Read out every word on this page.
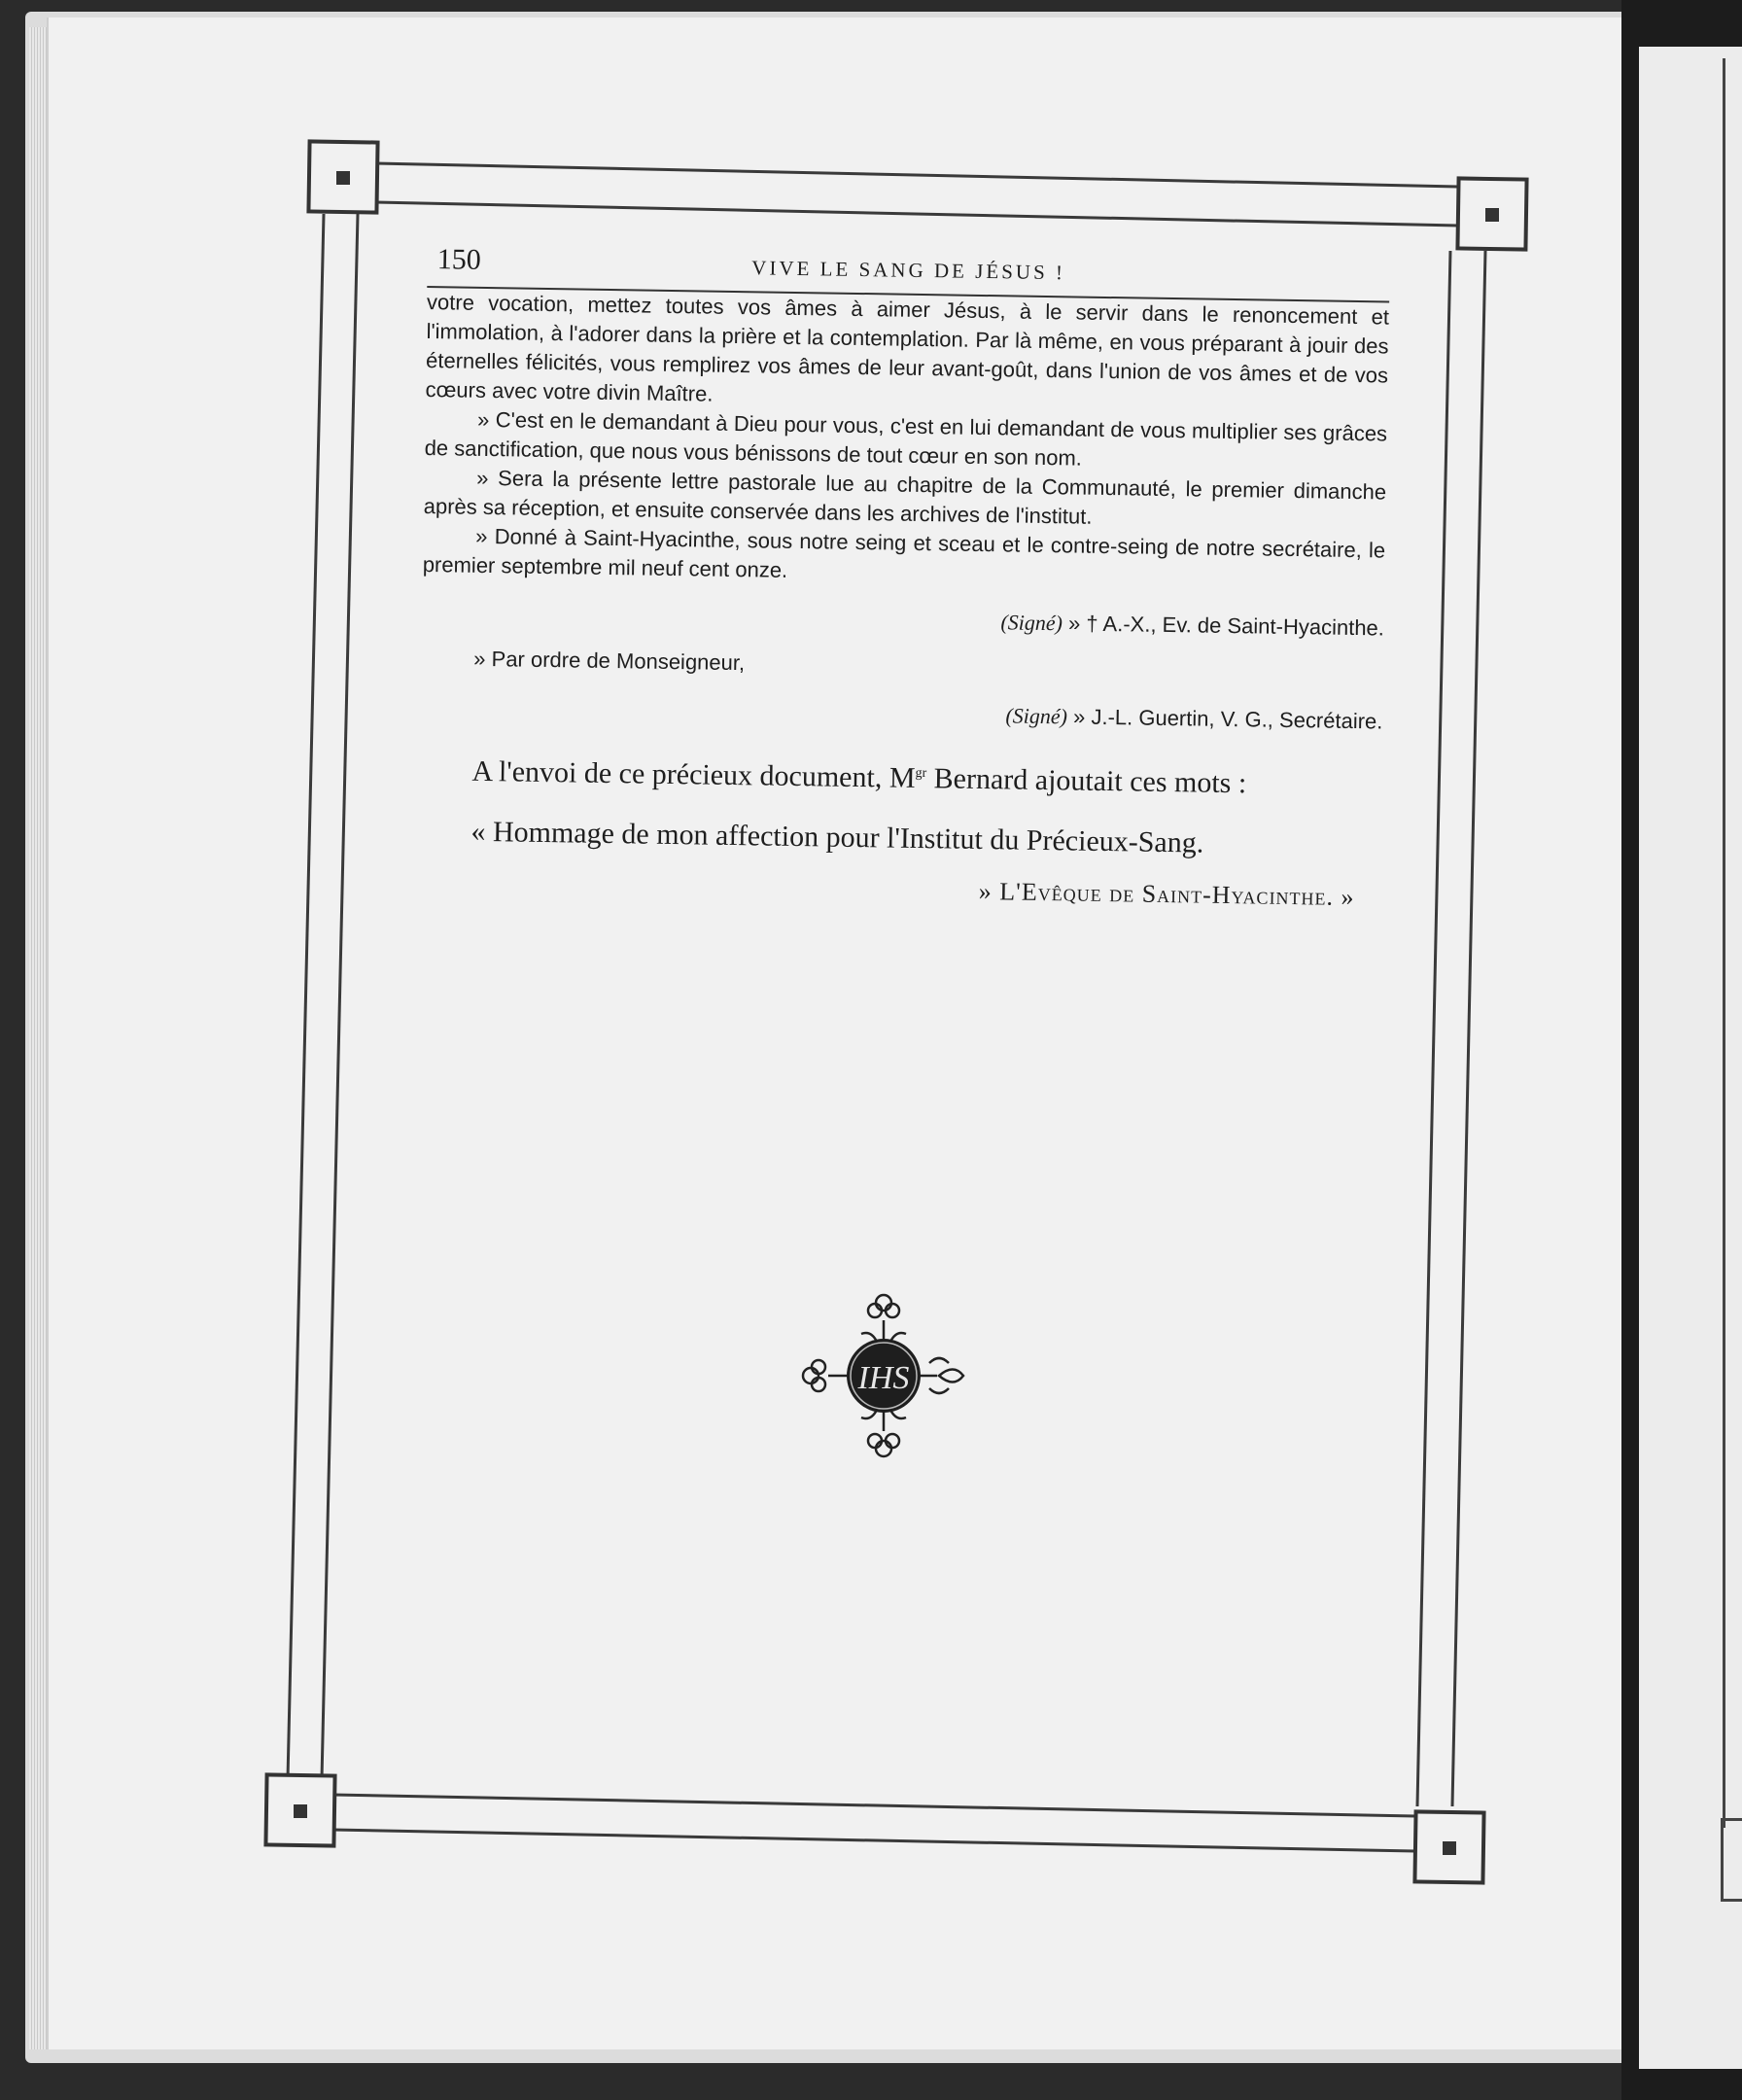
150	VIVE LE SANG DE JÉSUS !

votre vocation, mettez toutes vos âmes à aimer Jésus, à le servir dans le renoncement et l'immolation, à l'adorer dans la prière et la contemplation. Par là même, en vous préparant à jouir des éternelles félicités, vous remplirez vos âmes de leur avant-goût, dans l'union de vos âmes et de vos cœurs avec votre divin Maître.

» C'est en le demandant à Dieu pour vous, c'est en lui demandant de vous multiplier ses grâces de sanctification, que nous vous bénissons de tout cœur en son nom.

» Sera la présente lettre pastorale lue au chapitre de la Communauté, le premier dimanche après sa réception, et ensuite conservée dans les archives de l'institut.

» Donné à Saint-Hyacinthe, sous notre seing et sceau et le contre-seing de notre secrétaire, le premier septembre mil neuf cent onze.

(Signé) » † A.-X., Ev. de Saint-Hyacinthe.

» Par ordre de Monseigneur,

(Signé) » J.-L. Guertin, V. G., Secrétaire.

A l'envoi de ce précieux document, $M^{gr}$ Bernard ajoutait ces mots :

« Hommage de mon affection pour l'Institut du Précieux-Sang.

» L'Evêque de Saint-Hyacinthe. »

IHS
